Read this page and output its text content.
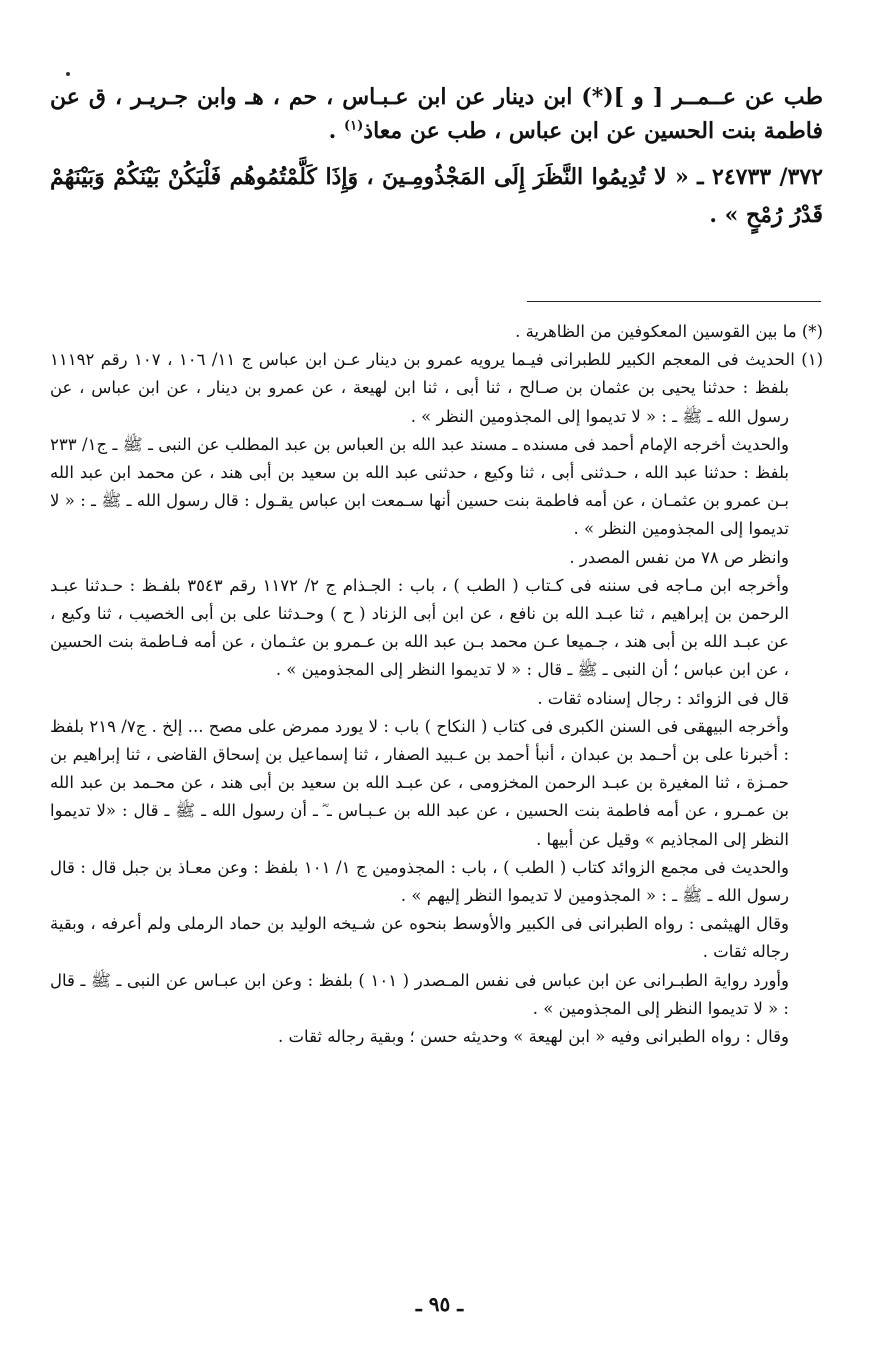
طب عن عــمــر [ و ](*) ابن دينار عن ابن عـبـاس ، حم ، هـ وابن جـريـر ، ق عن فاطمة بنت الحسين عن ابن عباس ، طب عن معاذ$^{(١)}$ .

٣٧٢/ ٢٤٧٣٣ ـ « لا تُدِيمُوا النَّظَرَ إِلَى المَجْذُومِـينَ ، وَإِذَا كَلَّمْتُمُوهُم فَلْيَكُنْ بَيْنَكُمْ وَبَيْنَهُمْ قَدْرُ رُمْحٍ » .

(*) ما بين القوسين المعكوفين من الظاهرية .

(١) الحديث فى المعجم الكبير للطبرانى فيـما يرويه عمرو بن دينار عـن ابن عباس ج ١١/ ١٠٦ ، ١٠٧ رقم ١١١٩٢ بلفظ : حدثنا يحيى بن عثمان بن صـالح ، ثنا أبى ، ثنا ابن لهيعة ، عن عمرو بن دينار ، عن ابن عباس ، عن رسول الله ـ ﷺ ـ : « لا تديموا إلى المجذومين النظر » .

والحديث أخرجه الإمام أحمد فى مسنده ـ مسند عبد الله بن العباس بن عبد المطلب عن النبى ـ ﷺ ـ ج١/ ٢٣٣ بلفظ : حدثنا عبد الله ، حـدثنى أبى ، ثنا وكيع ، حدثنى عبد الله بن سعيد بن أبى هند ، عن محمد ابن عبد الله بـن عمرو بن عثمـان ، عن أمه فاطمة بنت حسين أنها سـمعت ابن عباس يقـول : قال رسول الله ـ ﷺ ـ : « لا تديموا إلى المجذومين النظر » .

وانظر ص ٧٨ من نفس المصدر .

وأخرجه ابن مـاجه فى سننه فى كـتاب ( الطب ) ، باب : الجـذام ج ٢/ ١١٧٢ رقم ٣٥٤٣ بلفـظ : حـدثنا عبـد الرحمن بن إبراهيم ، ثنا عبـد الله بن نافع ، عن ابن أبى الزناد ( ح ) وحـدثنا على بن أبى الخصيب ، ثنا وكيع ، عن عبـد الله بن أبى هند ، جـميعا عـن محمد بـن عبد الله بن عـمرو بن عثـمان ، عن أمه فـاطمة بنت الحسين ، عن ابن عباس ؛ أن النبى ـ ﷺ ـ قال : « لا تديموا النظر إلى المجذومين » .

قال فى الزوائد : رجال إسناده ثقات .

وأخرجه البيهقى فى السنن الكبرى فى كتاب ( النكاح ) باب : لا يورد ممرض على مصح ... إلخ . ج٧/ ٢١٩ بلفظ : أخبرنا على بن أحـمد بن عبدان ، أنبأ أحمد بن عـبيد الصفار ، ثنا إسماعيل بن إسحاق القاضى ، ثنا إبراهيم بن حمـزة ، ثنا المغيرة بن عبـد الرحمن المخزومى ، عن عبـد الله بن سعيد بن أبى هند ، عن محـمد بن عبد الله بن عمـرو ، عن أمه فاطمة بنت الحسين ، عن عبد الله بن عـبـاس ـ ؓ ـ أن رسول الله ـ ﷺ ـ قال : «لا تديموا النظر إلى المجاذيم » وقيل عن أبيها .

والحديث فى مجمع الزوائد كتاب ( الطب ) ، باب : المجذومين ج ١/ ١٠١ بلفظ : وعن معـاذ بن جبل قال : قال رسول الله ـ ﷺ ـ : « المجذومين لا تديموا النظر إليهم » .

وقال الهيثمى : رواه الطبرانى فى الكبير والأوسط بنحوه عن شـيخه الوليد بن حماد الرملى ولم أعرفه ، وبقية رجاله ثقات .

وأورد رواية الطبـرانى عن ابن عباس فى نفس المـصدر ( ١٠١ ) بلفظ : وعن ابن عبـاس عن النبى ـ ﷺ ـ قال : « لا تديموا النظر إلى المجذومين » .

وقال : رواه الطبرانى وفيه « ابن لهيعة » وحديثه حسن ؛ وبقية رجاله ثقات .

ـ ٩٥ ـ
